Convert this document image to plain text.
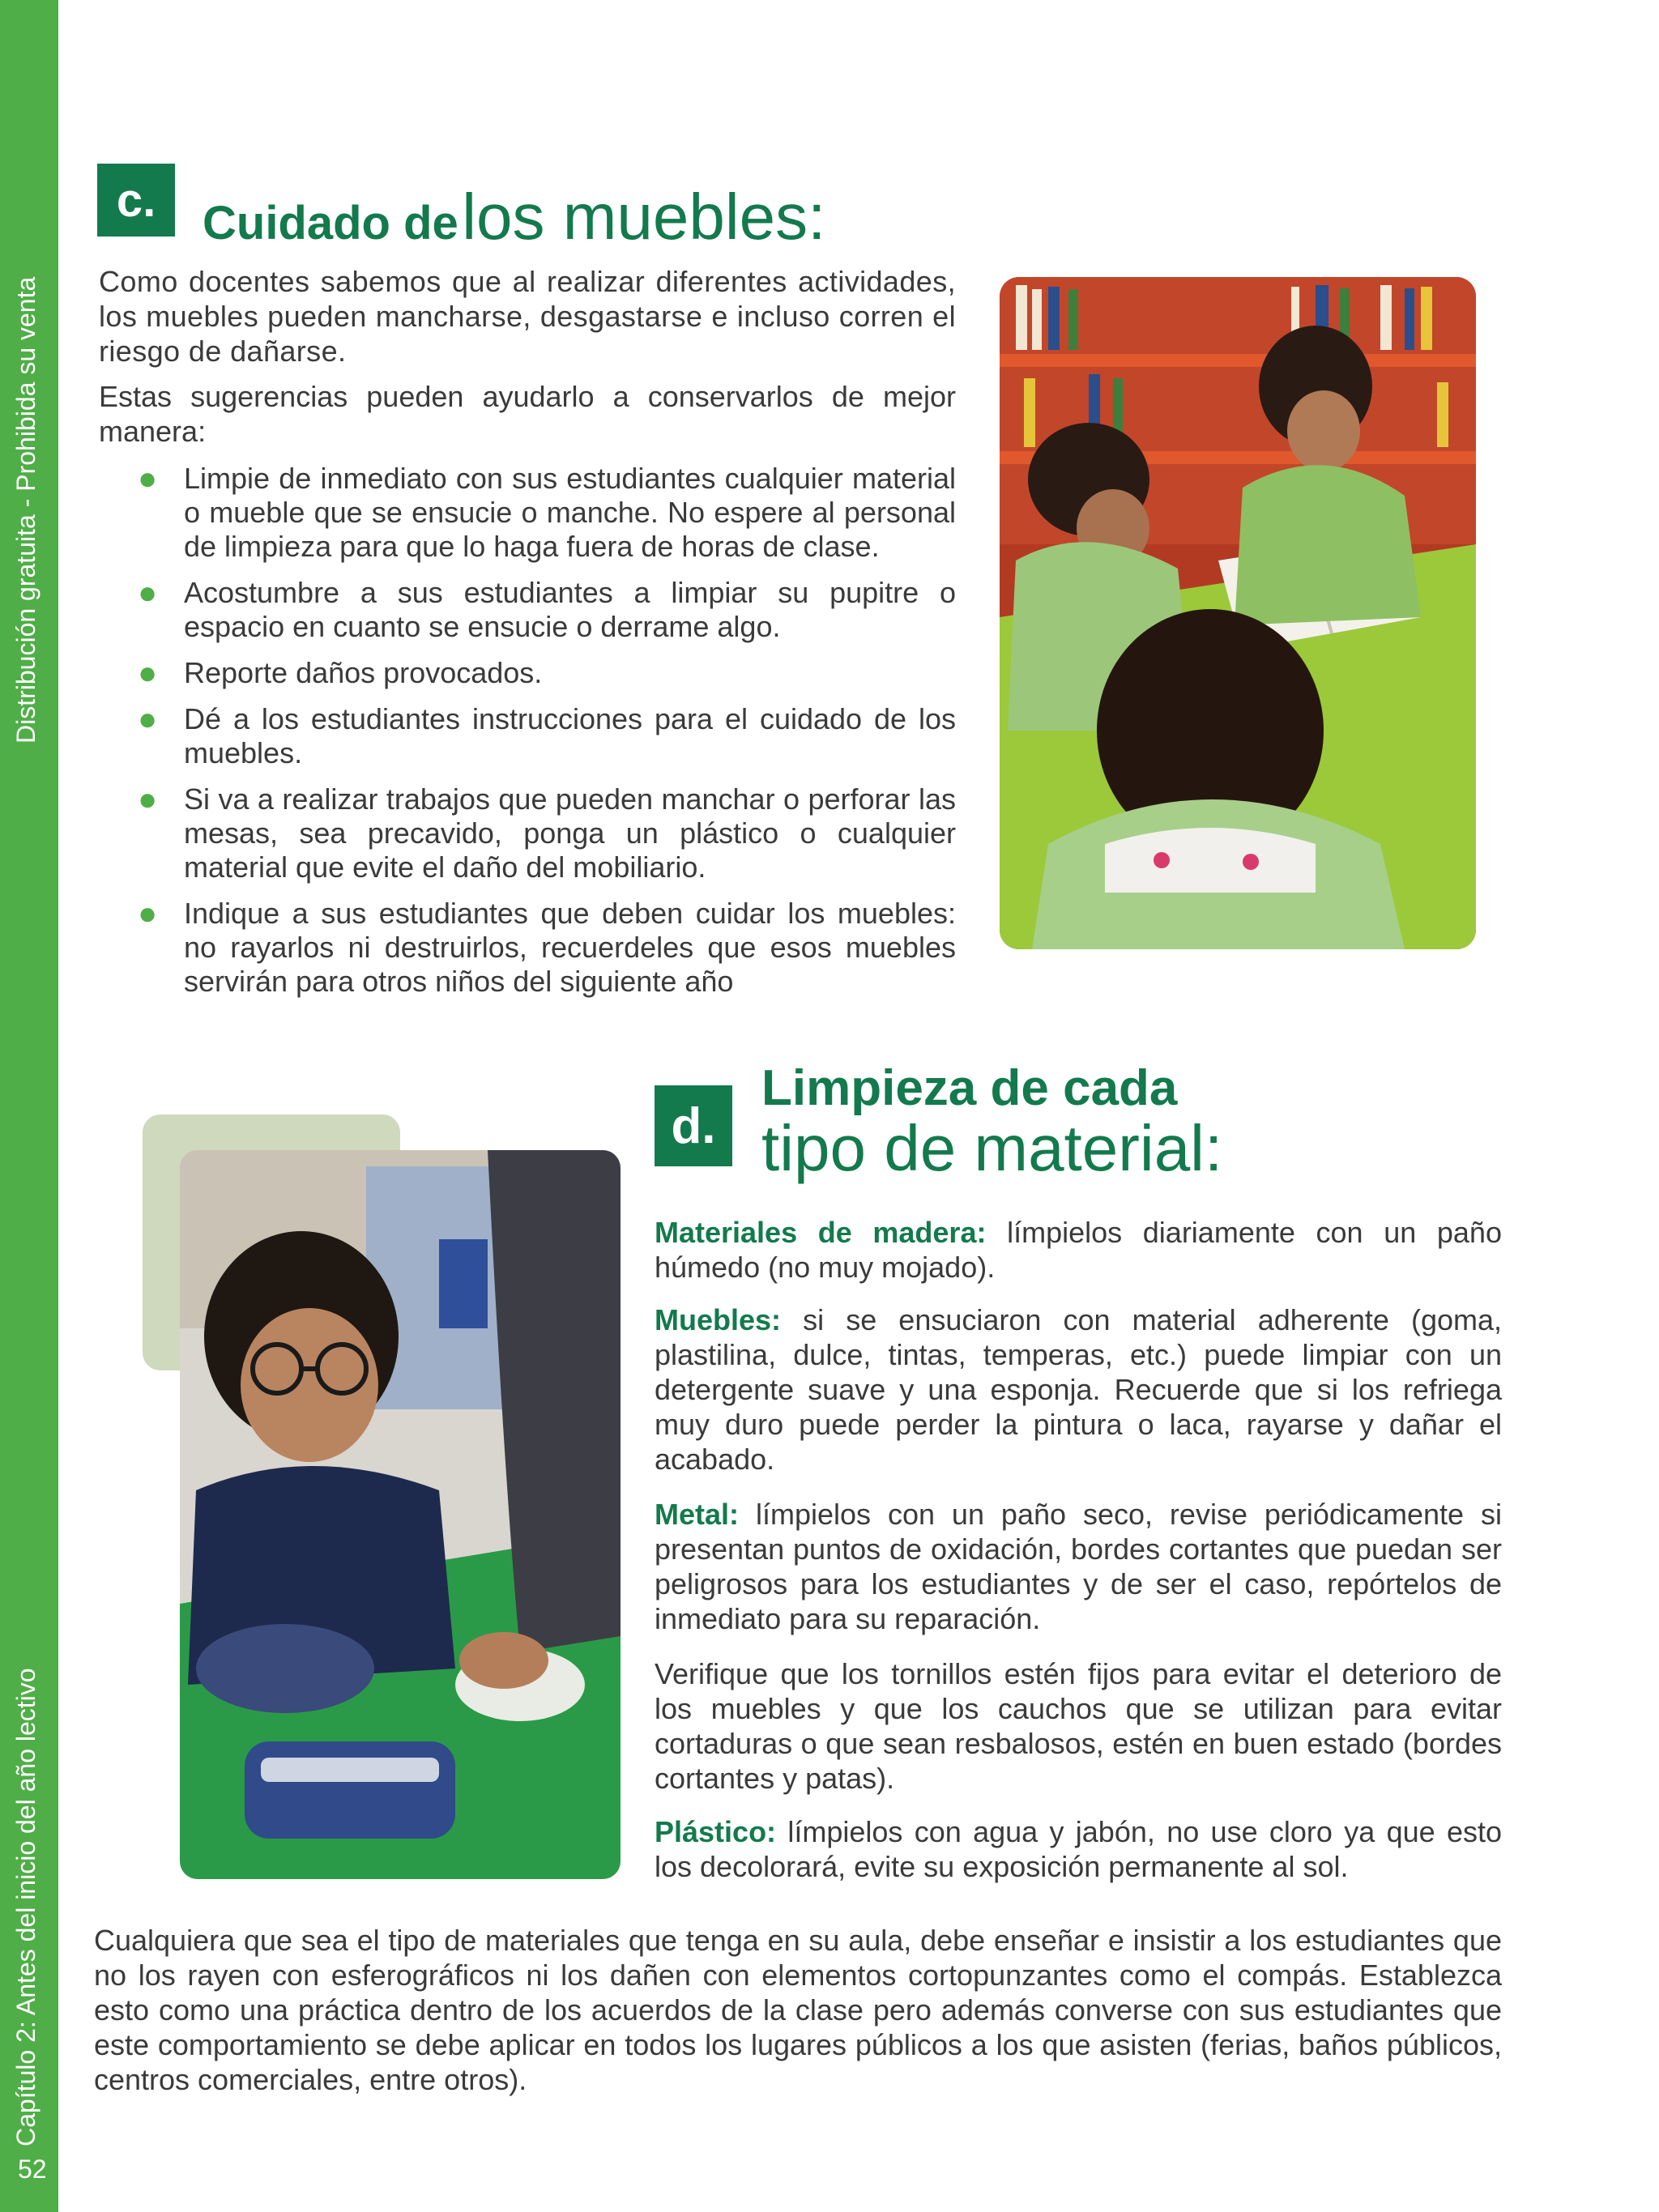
Distribución gratuita - Prohibida su venta
Capítulo 2: Antes del inicio del año lectivo
52
c. Cuidado de los muebles:

Como docentes sabemos que al realizar diferentes actividades, los muebles pueden mancharse, desgastarse e incluso corren el riesgo de dañarse.

Estas sugerencias pueden ayudarlo a conservarlos de mejor manera:

● Limpie de inmediato con sus estudiantes cualquier material o mueble que se ensucie o manche. No espere al personal de limpieza para que lo haga fuera de horas de clase.
● Acostumbre a sus estudiantes a limpiar su pupitre o espacio en cuanto se ensucie o derrame algo.
● Reporte daños provocados.
● Dé a los estudiantes instrucciones para el cuidado de los muebles.
● Si va a realizar trabajos que pueden manchar o perforar las mesas, sea precavido, ponga un plástico o cualquier material que evite el daño del mobiliario.
● Indique a sus estudiantes que deben cuidar los muebles: no rayarlos ni destruirlos, recuerdeles que esos muebles servirán para otros niños del siguiente año
d.
Limpieza de cada
tipo de material:

Materiales de madera: límpielos diariamente con un paño húmedo (no muy mojado).

Muebles: si se ensuciaron con material adherente (goma, plastilina, dulce, tintas, temperas, etc.) puede limpiar con un detergente suave y una esponja. Recuerde que si los refriega muy duro puede perder la pintura o laca, rayarse y dañar el acabado.

Metal: límpielos con un paño seco, revise periódicamente si presentan puntos de oxidación, bordes cortantes que puedan ser peligrosos para los estudiantes y de ser el caso, repórtelos de inmediato para su reparación.

Verifique que los tornillos estén fijos para evitar el deterioro de los muebles y que los cauchos que se utilizan para evitar cortaduras o que sean resbalosos, estén en buen estado (bordes cortantes y patas).

Plástico: límpielos con agua y jabón, no use cloro ya que esto los decolorará, evite su exposición permanente al sol.

Cualquiera que sea el tipo de materiales que tenga en su aula, debe enseñar e insistir a los estudiantes que no los rayen con esferográficos ni los dañen con elementos cortopunzantes como el compás. Establezca esto como una práctica dentro de los acuerdos de la clase pero además converse con sus estudiantes que este comportamiento se debe aplicar en todos los lugares públicos a los que asisten (ferias, baños públicos, centros comerciales, entre otros).
